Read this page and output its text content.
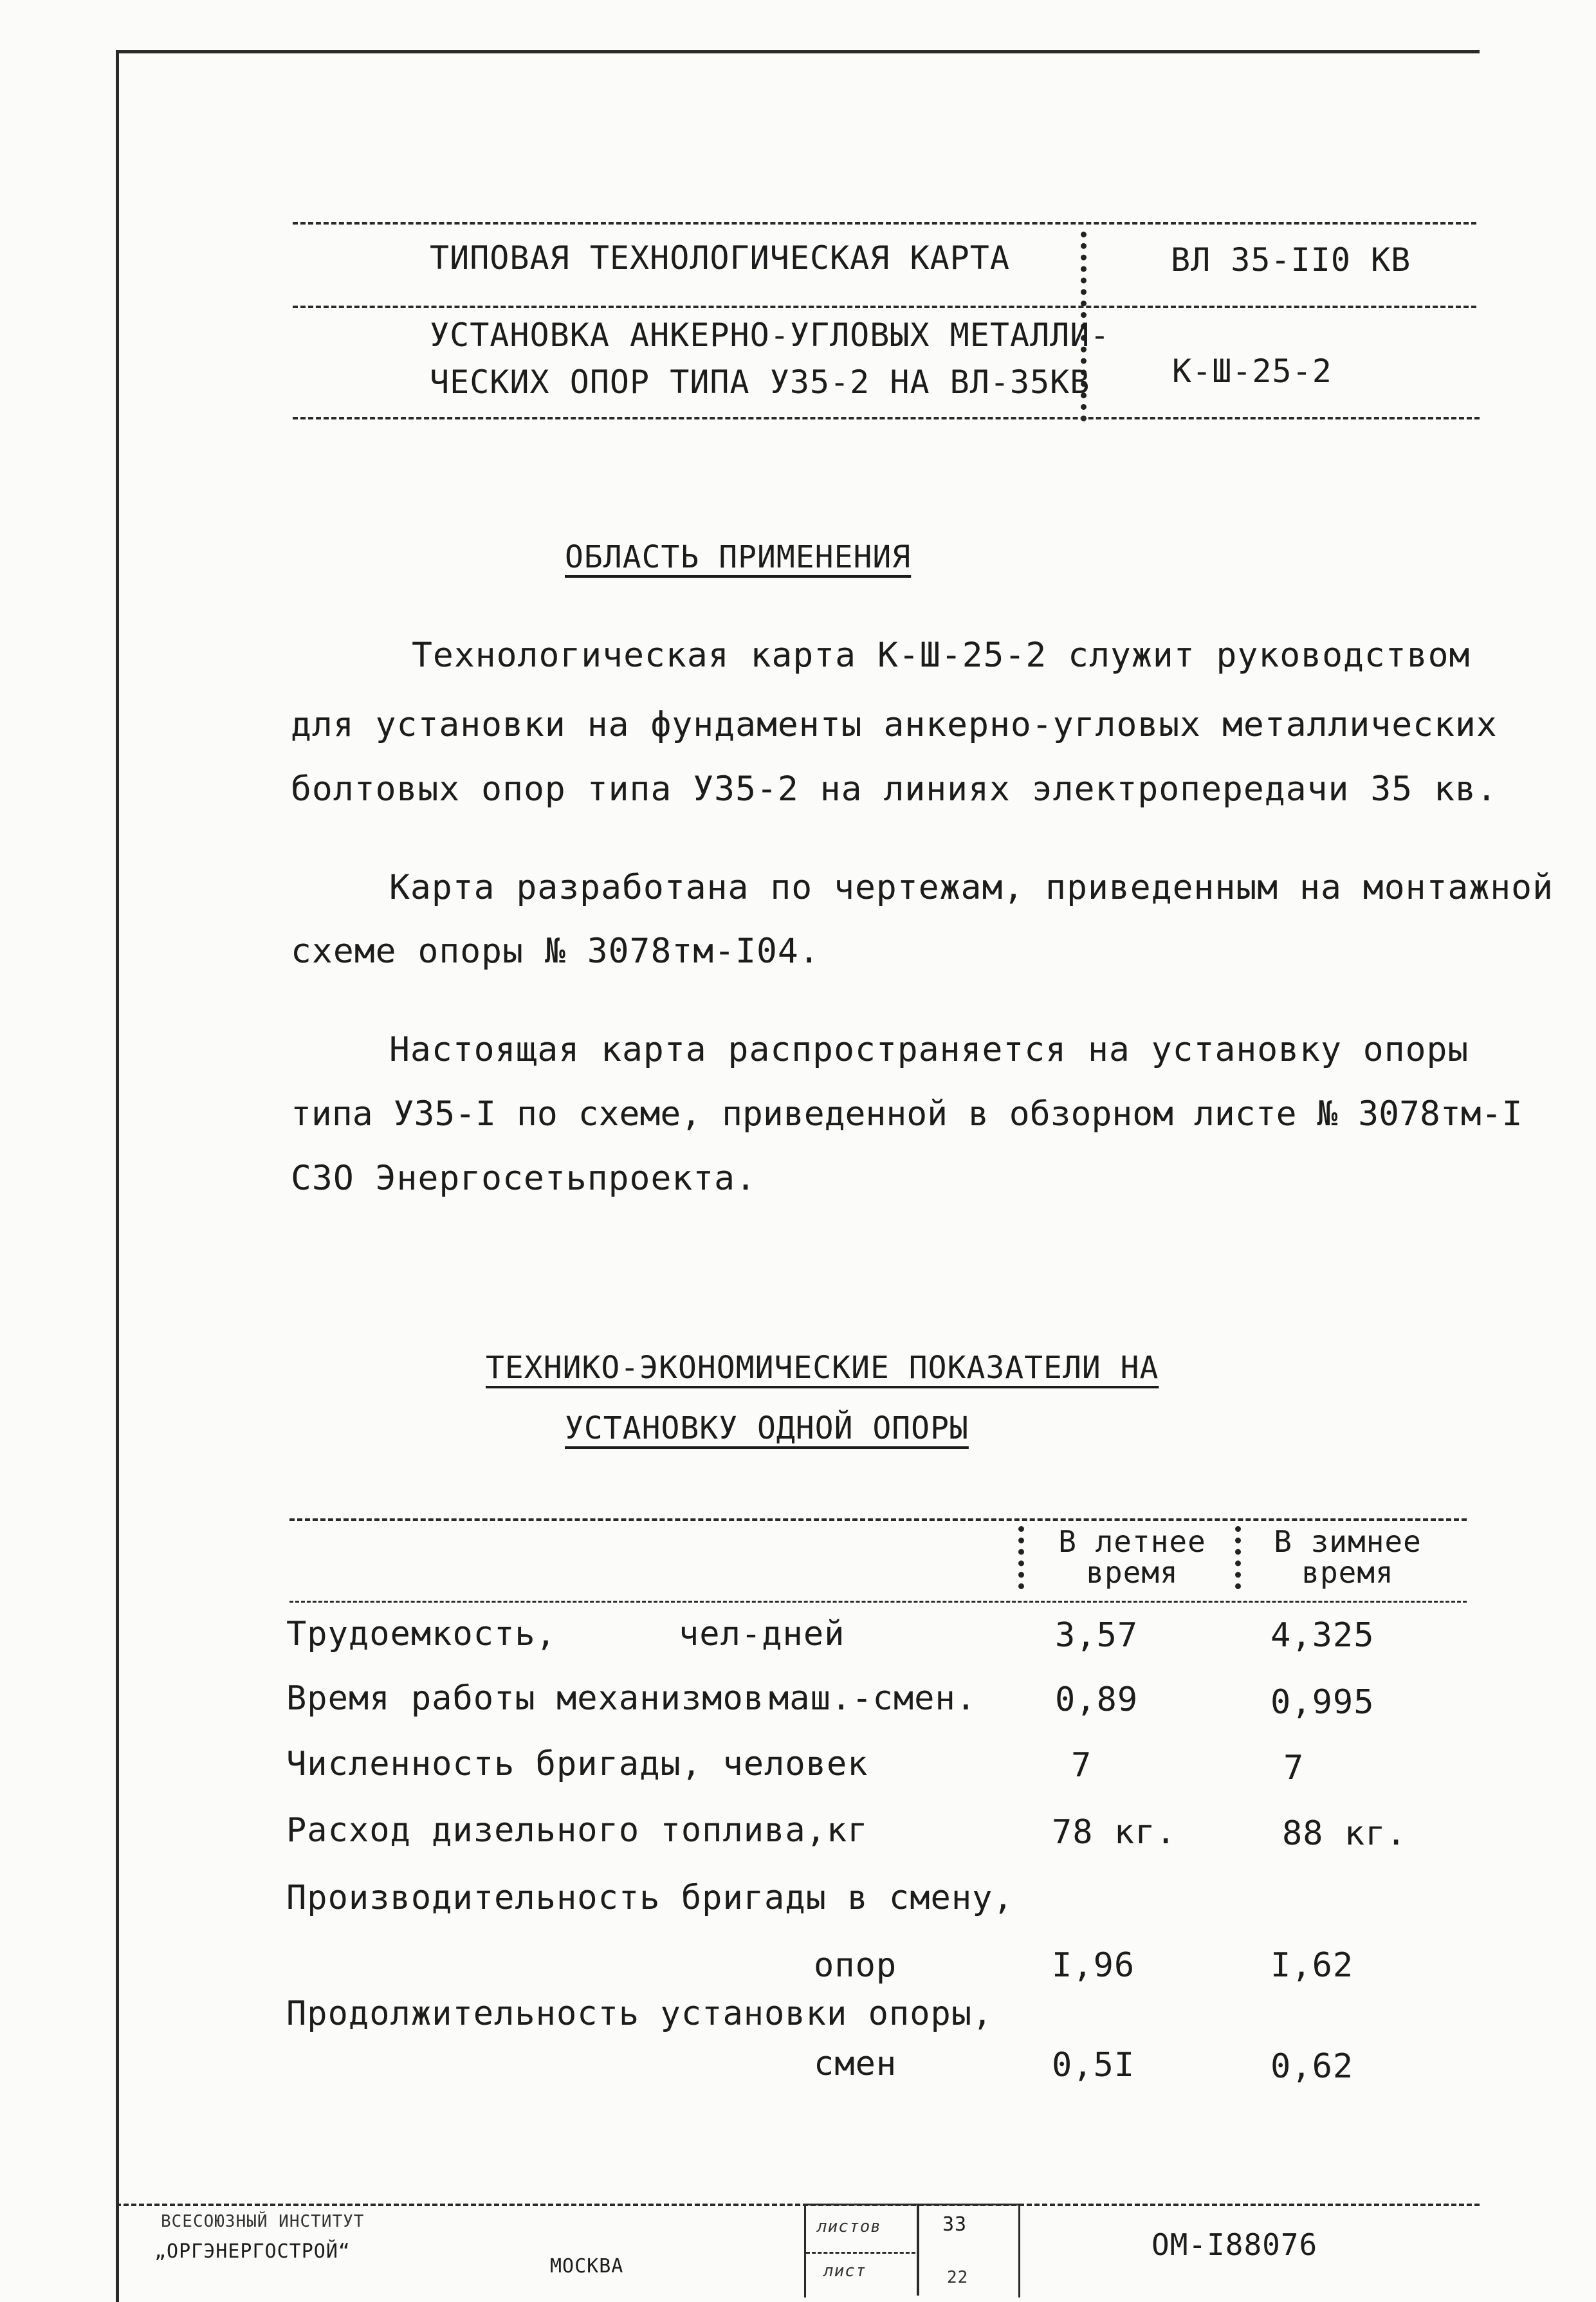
ТИПОВАЯ ТЕХНОЛОГИЧЕСКАЯ КАРТА	ВЛ 35-II0 КВ
УСТАНОВКА АНКЕРНО-УГЛОВЫХ МЕТАЛЛИ-
ЧЕСКИХ ОПОР ТИПА У35-2 НА ВЛ-35КВ	К-Ш-25-2
ОБЛАСТЬ ПРИМЕНЕНИЯ
Технологическая карта К-Ш-25-2 служит руководством
для установки на фундаменты анкерно-угловых металлических
болтовых опор типа У35-2 на линиях электропередачи 35 кв.
Карта разработана по чертежам, приведенным на монтажной
схеме опоры № 3078тм-I04.
Настоящая карта распространяется на установку опоры
типа У35-I по схеме, приведенной в обзорном листе № 3078тм-I
СЗО Энергосетьпроекта.
ТЕХНИКО-ЭКОНОМИЧЕСКИЕ ПОКАЗАТЕЛИ НА
УСТАНОВКУ ОДНОЙ ОПОРЫ
В летнее
время
В зимнее
время
Трудоемкость,	чел-дней	3,57	4,325
Время работы механизмов маш.-смен. 0,89	0,995
Численность бригады, человек	7	7
Расход дизельного топлива,кг	78 кг.	88 кг.
Производительность бригады в смену,
опор	I,96	I,62
Продолжительность установки опоры,
смен	0,5I	0,62
ВСЕСОЮЗНЫЙ ИНСТИТУТ
„ОРГЭНЕРГОСТРОЙ“
МОСКВА
листов
лист
33
22
ОМ-I88076
